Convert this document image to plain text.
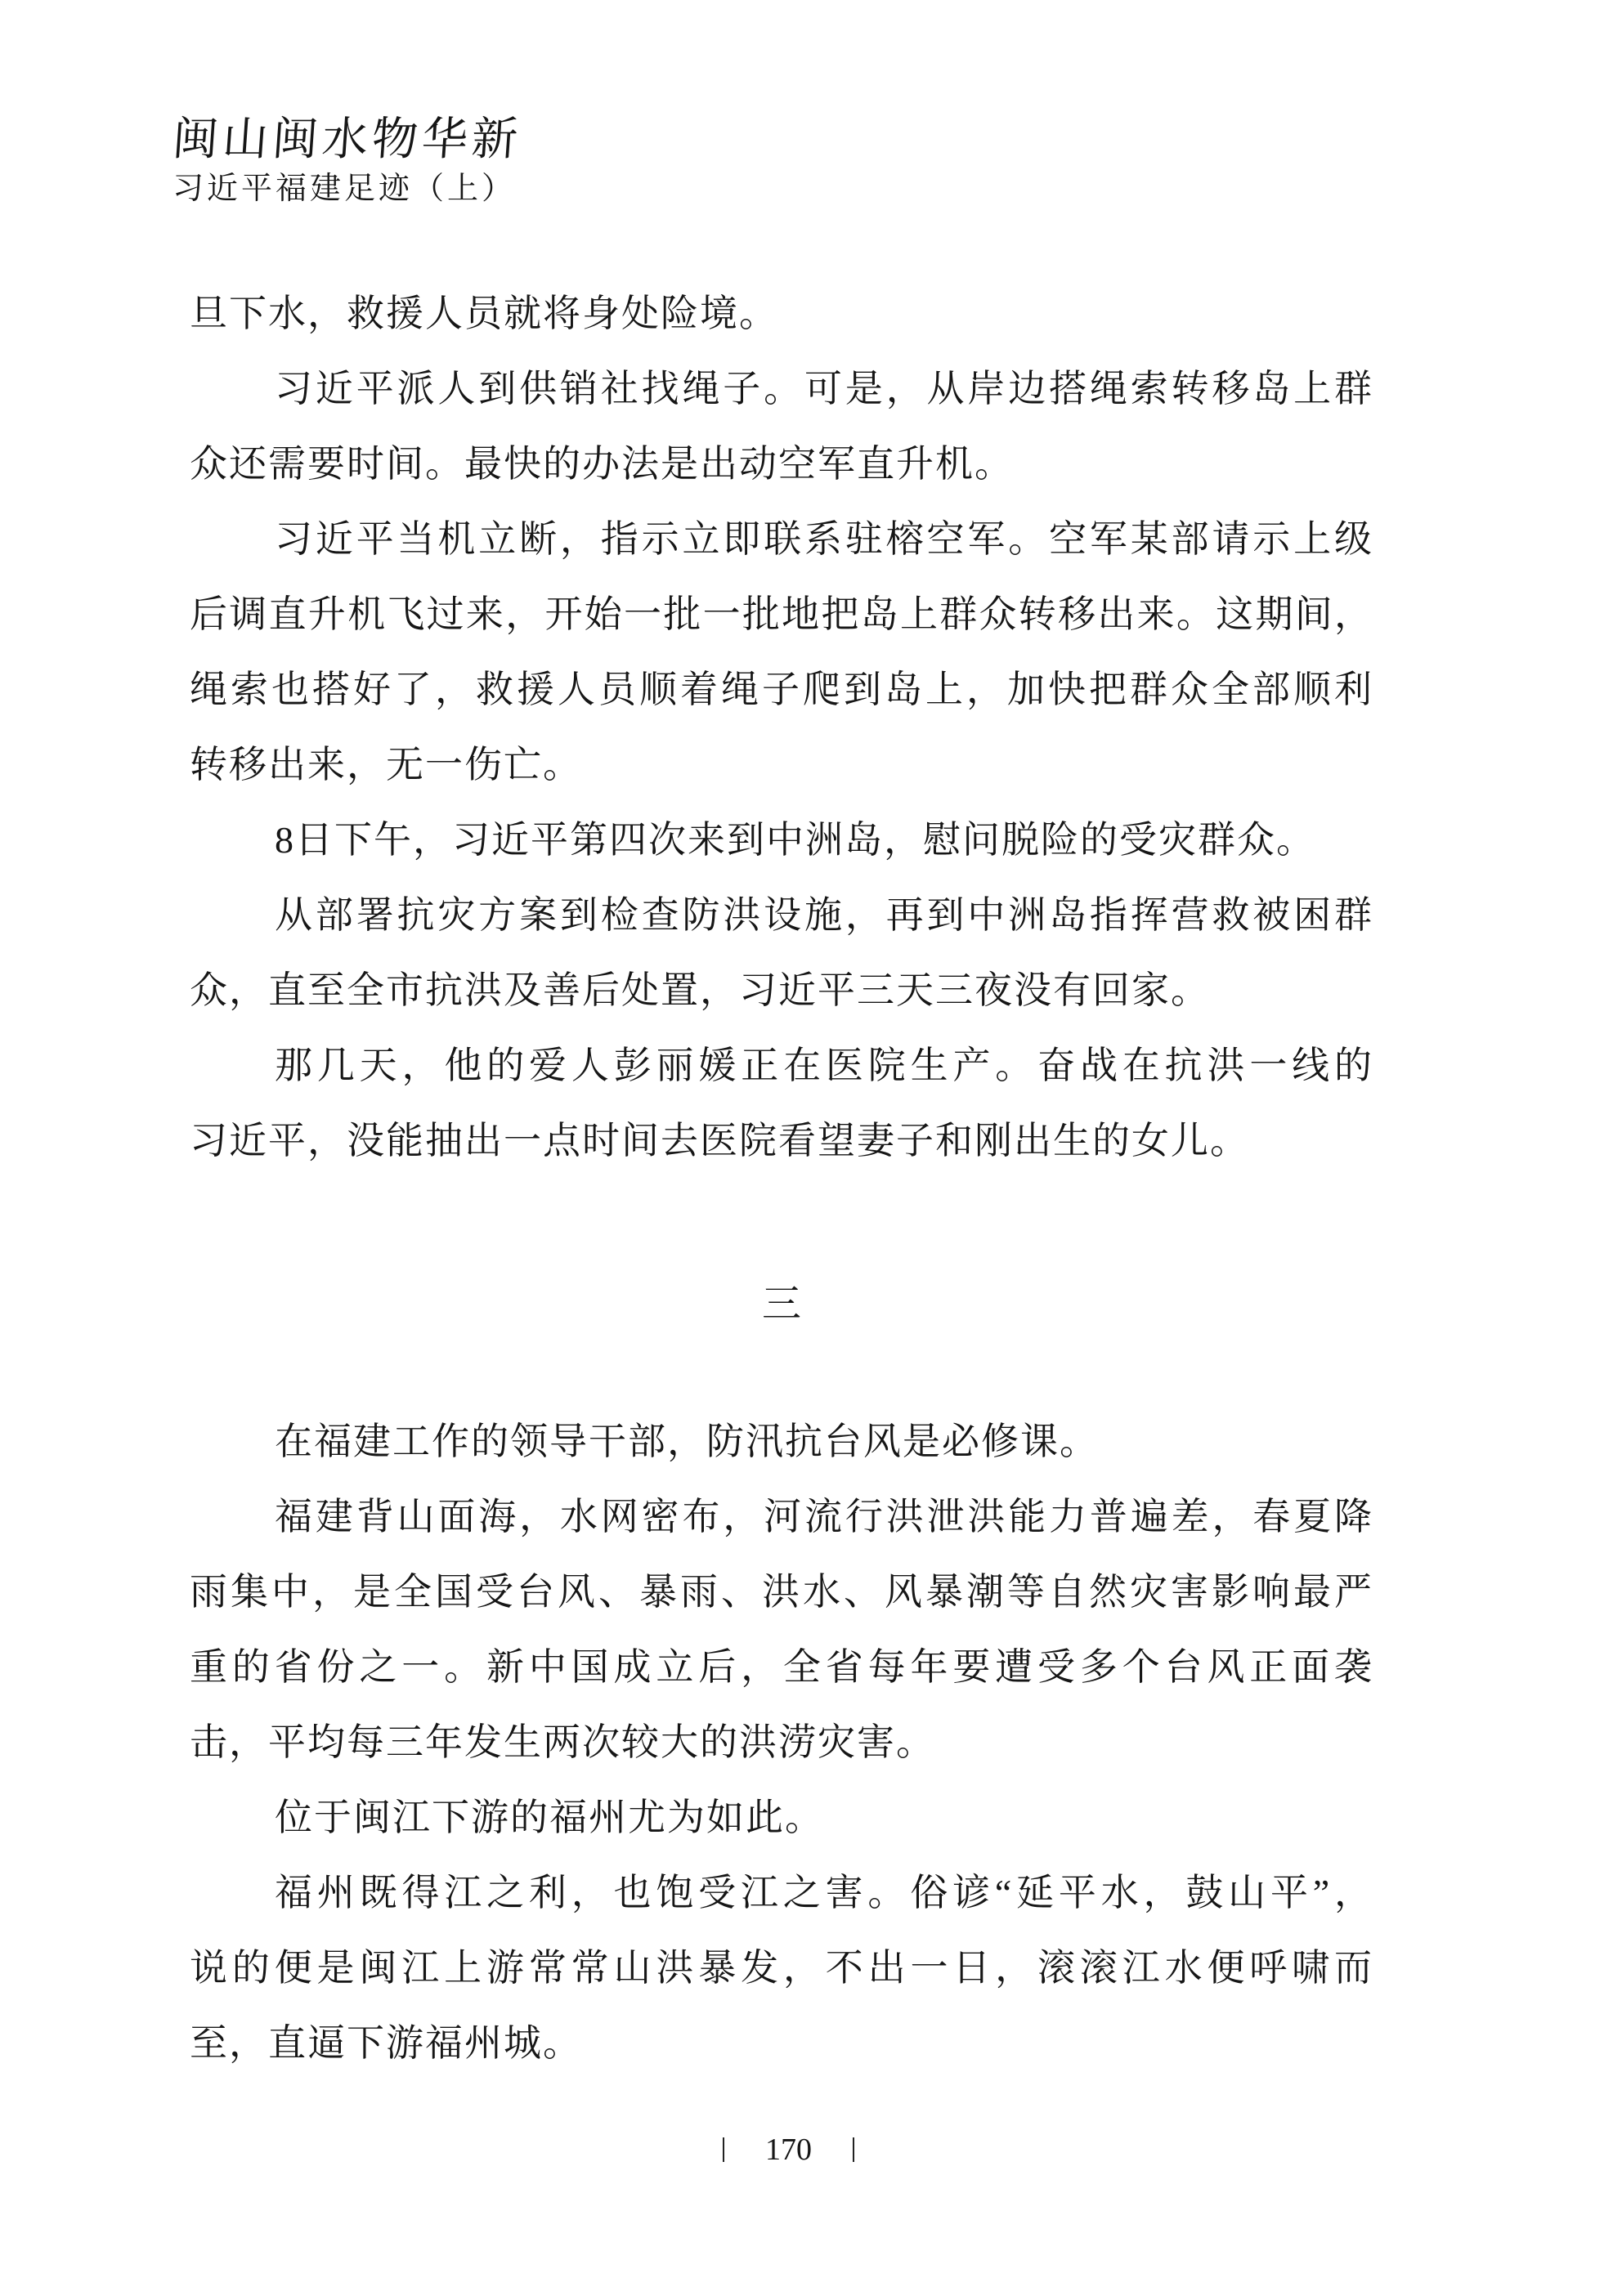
闽山闽水物华新
习近平福建足迹（上）
旦下水，救援人员就将身处险境。
习近平派人到供销社找绳子。可是，从岸边搭绳索转移岛上群
众还需要时间。最快的办法是出动空军直升机。
习近平当机立断，指示立即联系驻榕空军。空军某部请示上级
后调直升机飞过来，开始一批一批地把岛上群众转移出来。这期间，
绳索也搭好了，救援人员顺着绳子爬到岛上，加快把群众全部顺利
转移出来，无一伤亡。
8日下午，习近平第四次来到中洲岛，慰问脱险的受灾群众。
从部署抗灾方案到检查防洪设施，再到中洲岛指挥营救被困群
众，直至全市抗洪及善后处置，习近平三天三夜没有回家。
那几天，他的爱人彭丽媛正在医院生产。奋战在抗洪一线的
习近平，没能抽出一点时间去医院看望妻子和刚出生的女儿。
三
在福建工作的领导干部，防汛抗台风是必修课。
福建背山面海，水网密布，河流行洪泄洪能力普遍差，春夏降
雨集中，是全国受台风、暴雨、洪水、风暴潮等自然灾害影响最严
重的省份之一。新中国成立后，全省每年要遭受多个台风正面袭
击，平均每三年发生两次较大的洪涝灾害。
位于闽江下游的福州尤为如此。
福州既得江之利，也饱受江之害。俗谚“延平水，鼓山平”，
说的便是闽江上游常常山洪暴发，不出一日，滚滚江水便呼啸而
至，直逼下游福州城。
170
